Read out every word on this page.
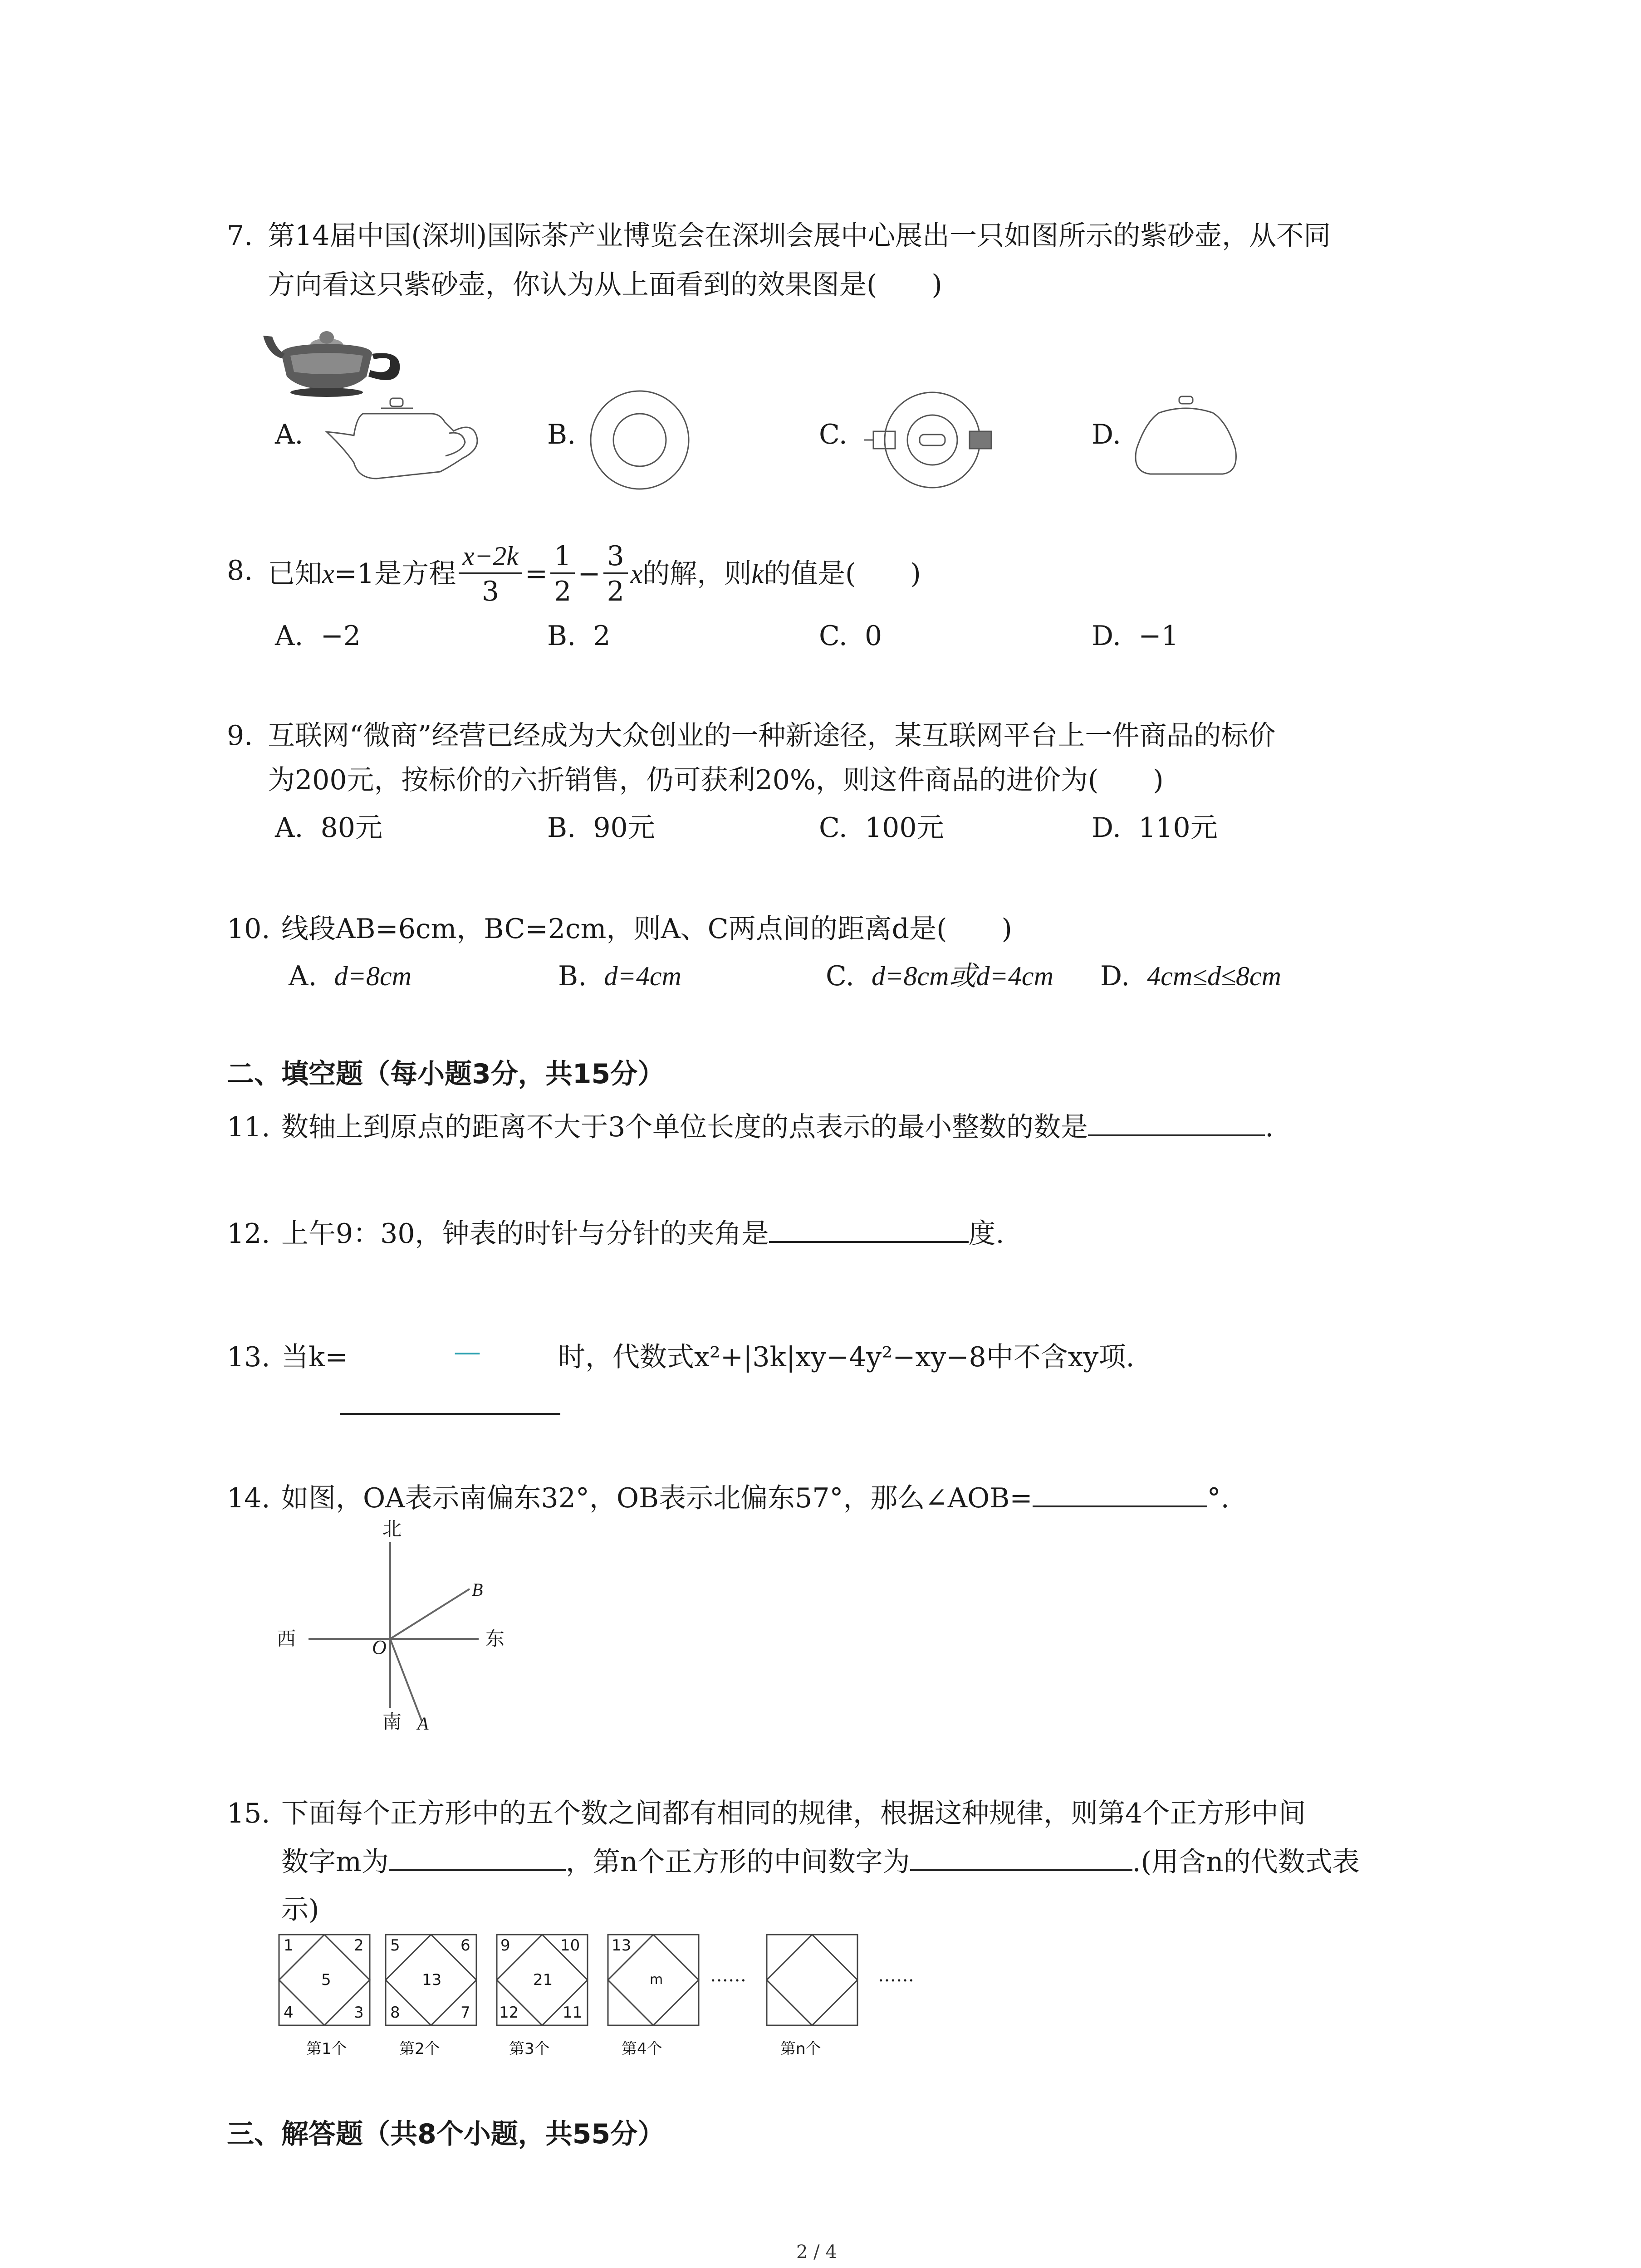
7. 第14届中国(深圳)国际茶产业博览会在深圳会展中心展出一只如图所示的紫砂壶，从不同
方向看这只紫砂壶，你认为从上面看到的效果图是(　　)
A.	B.	C.	D.
8. 已知 x =1是方程 $\frac{x-2k}{3} = \frac{1}{2} - \frac{3}{2}$ x 的解，则 k 的值是(　　)
A. −2	B. 2	C. 0	D. −1
9. 互联网“微商”经营已经成为大众创业的一种新途径，某互联网平台上一件商品的标价
为200元，按标价的六折销售，仍可获利20%，则这件商品的进价为(　　)
A. 80元	B. 90元	C. 100元	D. 110元
10. 线段AB=6cm，BC=2cm，则A、C两点间的距离d是(　　)
A. d=8cm	B. d=4cm	C. d=8cm或d=4cm D. 4cm≤d≤8cm
二、填空题（每小题3分，共15分）
11. 数轴上到原点的距离不大于3个单位长度的点表示的最小整数的数是	.
12. 上午9：30，钟表的时针与分针的夹角是	度.
13. 当k=	—	时，代数式x²+|3k|xy−4y²−xy−8中不含xy项.
14. 如图，OA表示南偏东32°，OB表示北偏东57°，那么∠AOB=	°.
北
南
西	东
O
B
A
15. 下面每个正方形中的五个数之间都有相同的规律，根据这种规律，则第4个正方形中间
数字m为	，第n个正方形的中间数字为	.(用含n的代数式表
示)
1	2
4	3
5
5	6
8	7
13
9	10
12	11
21
13
m	……	……
第1个	第2个	第3个	第4个	第n个
三、解答题（共8个小题，共55分）
2 / 4
